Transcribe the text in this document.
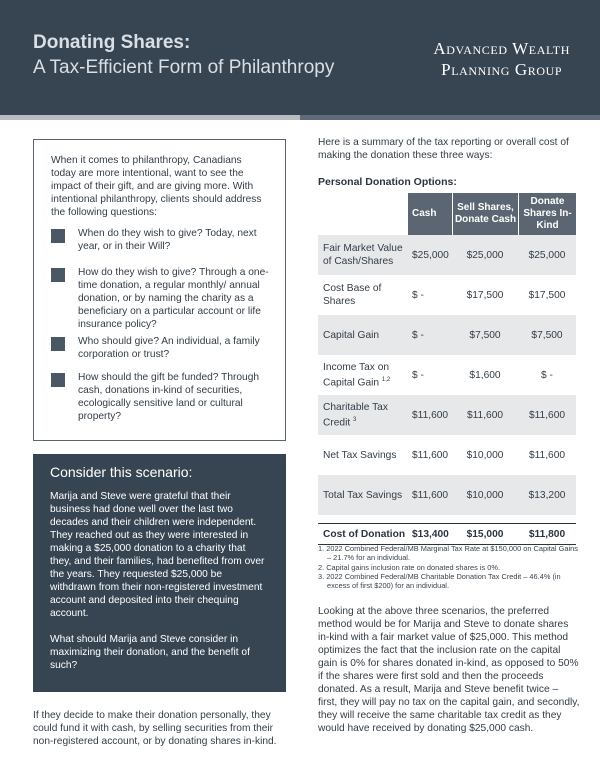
Donating Shares:
A Tax-Efficient Form of Philanthropy
Advanced Wealth
Planning Group
When it comes to philanthropy, Canadians today are more intentional, want to see the impact of their gift, and are giving more. With intentional philanthropy, clients should address the following questions:
When do they wish to give? Today, next year, or in their Will?
How do they wish to give? Through a one-time donation, a regular monthly/ annual donation, or by naming the charity as a beneficiary on a particular account or life insurance policy?
Who should give? An individual, a family corporation or trust?
How should the gift be funded? Through cash, donations in-kind of securities, ecologically sensitive land or cultural property?
Consider this scenario:
Marija and Steve were grateful that their business had done well over the last two decades and their children were independent. They reached out as they were interested in making a $25,000 donation to a charity that they, and their families, had benefited from over the years. They requested $25,000 be withdrawn from their non-registered investment account and deposited into their chequing account.
What should Marija and Steve consider in maximizing their donation, and the benefit of such?
If they decide to make their donation personally, they could fund it with cash, by selling securities from their non-registered account, or by donating shares in-kind.
Here is a summary of the tax reporting or overall cost of making the donation these three ways:
Personal Donation Options:
Cash
Sell Shares, Donate Cash
Donate Shares In-Kind
Fair Market Value of Cash/Shares
$25,000	$25,000	$25,000
Cost Base of Shares
$ -	$17,500	$17,500
Capital Gain	$ -	$7,500	$7,500
Income Tax on Capital Gain $^{1,2}$	$ -	$1,600	$ -
Charitable Tax Credit $^3$	$11,600	$11,600	$11,600
Net Tax Savings	$11,600	$10,000	$11,600
Total Tax Savings $11,600	$10,000	$13,200
Cost of Donation $13,400	$15,000	$11,800
1. 2022 Combined Federal/MB Marginal Tax Rate at $150,000 on Capital Gains – 21.7% for an individual.
2. Capital gains inclusion rate on donated shares is 0%.
3. 2022 Combined Federal/MB Charitable Donation Tax Credit – 46.4% (in excess of first $200) for an individual.
Looking at the above three scenarios, the preferred method would be for Marija and Steve to donate shares in-kind with a fair market value of $25,000. This method optimizes the fact that the inclusion rate on the capital gain is 0% for shares donated in-kind, as opposed to 50% if the shares were first sold and then the proceeds donated. As a result, Marija and Steve benefit twice – first, they will pay no tax on the capital gain, and secondly, they will receive the same charitable tax credit as they would have received by donating $25,000 cash.
